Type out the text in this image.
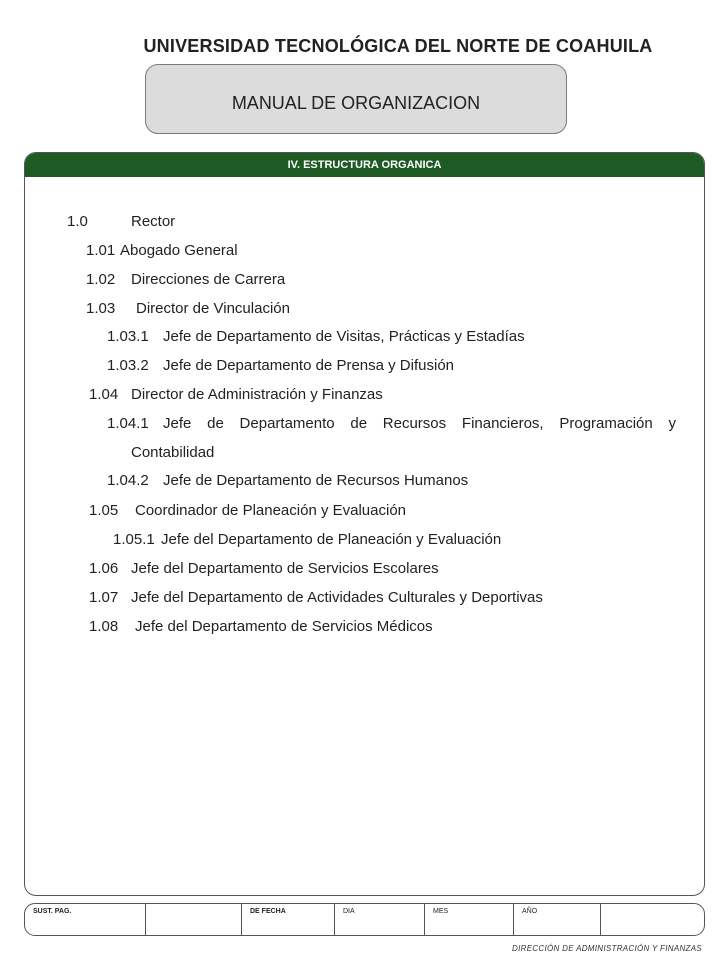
UNIVERSIDAD TECNOLÓGICA DEL NORTE DE COAHUILA
MANUAL DE ORGANIZACION
IV. ESTRUCTURA ORGANICA
1.0	Rector
1.01 Abogado General
1.02 Direcciones de Carrera
1.03 Director de Vinculación
1.03.1 Jefe de Departamento de Visitas, Prácticas y Estadías
1.03.2 Jefe de Departamento de Prensa y Difusión
1.04 Director de Administración y Finanzas
1.04.1 Jefe de Departamento de Recursos Financieros, Programación y Contabilidad
1.04.2 Jefe de Departamento de Recursos Humanos
1.05 Coordinador de Planeación y Evaluación
1.05.1 Jefe del Departamento de Planeación y Evaluación
1.06 Jefe del Departamento de Servicios Escolares
1.07 Jefe del Departamento de Actividades Culturales y Deportivas
1.08 Jefe del Departamento de Servicios Médicos
SUST. PAG.	DE FECHA	DIA	MES	AÑO
DIRECCIÓN DE ADMINISTRACIÓN Y FINANZAS
